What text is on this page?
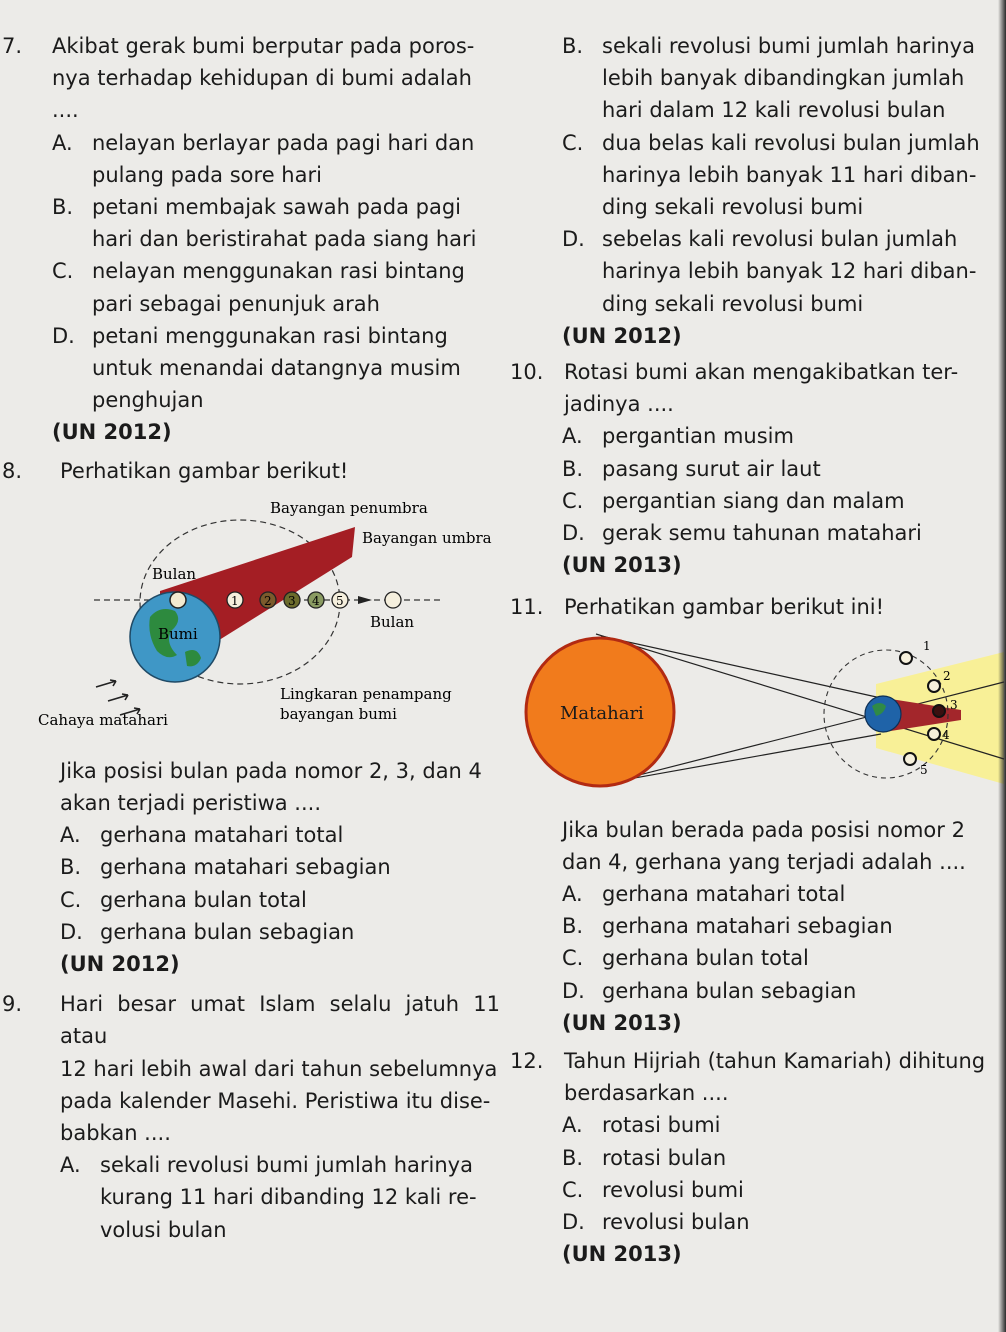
7.	Akibat gerak bumi berputar pada poros-
nya terhadap kehidupan di bumi adalah
....
A. nelayan berlayar pada pagi hari dan
pulang pada sore hari
B. petani membajak sawah pada pagi
hari dan beristirahat pada siang hari
C. nelayan menggunakan rasi bintang
pari sebagai penunjuk arah
D. petani menggunakan rasi bintang
untuk menandai datangnya musim
penghujan
(UN 2012)
8.	Perhatikan gambar berikut!
Bayangan penumbra
Bayangan umbra
Bulan
Bumi
1 2 3 4 5
Bulan
Cahaya matahari
Lingkaran penampang
bayangan bumi
Jika posisi bulan pada nomor 2, 3, dan 4
akan terjadi peristiwa ....
A. gerhana matahari total
B. gerhana matahari sebagian
C. gerhana bulan total
D. gerhana bulan sebagian
(UN 2012)
9.	Hari besar umat Islam selalu jatuh 11 atau
12 hari lebih awal dari tahun sebelumnya
pada kalender Masehi. Peristiwa itu dise-
babkan ....
A. sekali revolusi bumi jumlah harinya
kurang 11 hari dibanding 12 kali re-
volusi bulan
B. sekali revolusi bumi jumlah harinya
lebih banyak dibandingkan jumlah
hari dalam 12 kali revolusi bulan
C. dua belas kali revolusi bulan jumlah
harinya lebih banyak 11 hari diban-
ding sekali revolusi bumi
D. sebelas kali revolusi bulan jumlah
harinya lebih banyak 12 hari diban-
ding sekali revolusi bumi
(UN 2012)
10. Rotasi bumi akan mengakibatkan ter-
jadinya ....
A. pergantian musim
B. pasang surut air laut
C. pergantian siang dan malam
D. gerak semu tahunan matahari
(UN 2013)
11. Perhatikan gambar berikut ini!
Matahari
1
2
3
4
5
Jika bulan berada pada posisi nomor 2
dan 4, gerhana yang terjadi adalah ....
A. gerhana matahari total
B. gerhana matahari sebagian
C. gerhana bulan total
D. gerhana bulan sebagian
(UN 2013)
12. Tahun Hijriah (tahun Kamariah) dihitung
berdasarkan ....
A. rotasi bumi
B. rotasi bulan
C. revolusi bumi
D. revolusi bulan
(UN 2013)
